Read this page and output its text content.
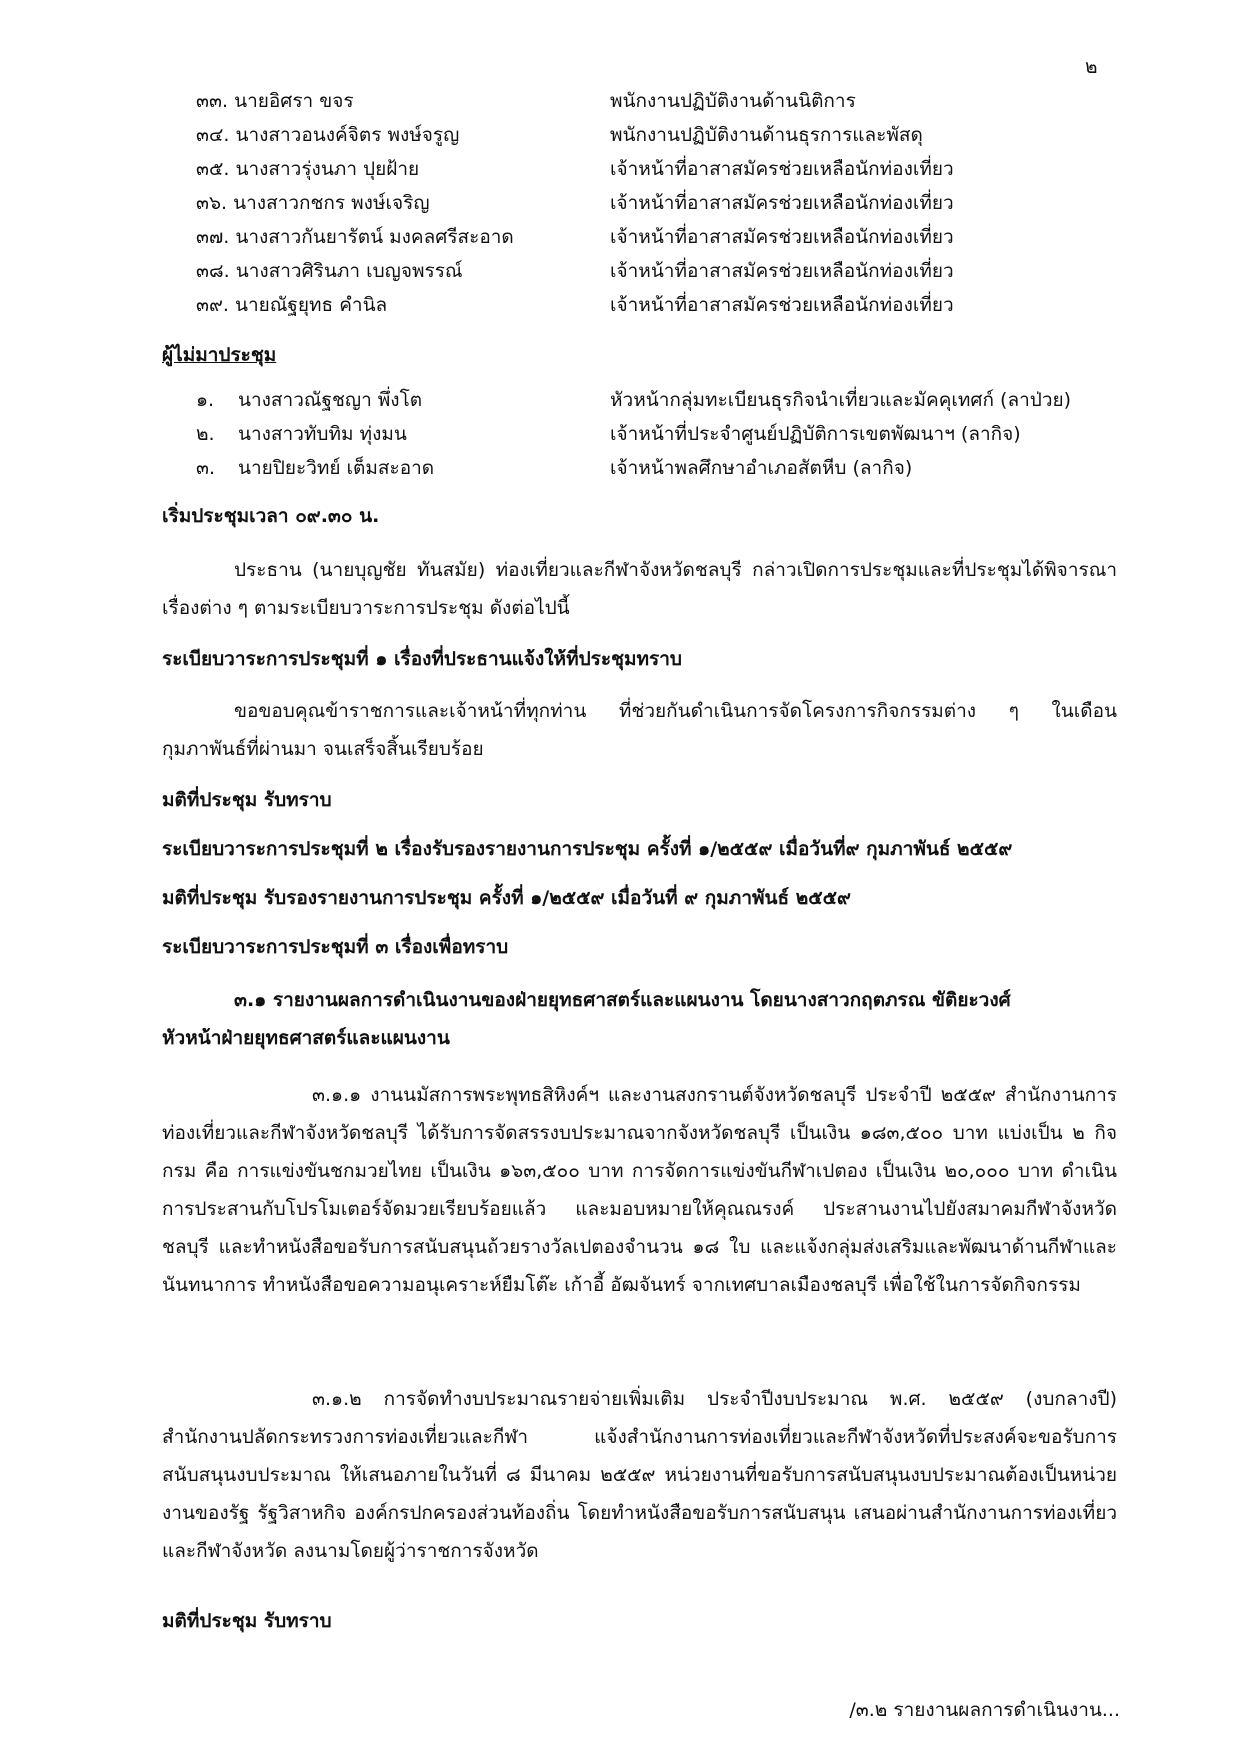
๒
๓๓. นายอิศรา ขจร	พนักงานปฏิบัติงานด้านนิติการ
๓๔. นางสาวอนงค์จิตร พงษ์จรูญ	พนักงานปฏิบัติงานด้านธุรการและพัสดุ
๓๕. นางสาวรุ่งนภา ปุยฝ้าย	เจ้าหน้าที่อาสาสมัครช่วยเหลือนักท่องเที่ยว
๓๖. นางสาวกชกร พงษ์เจริญ	เจ้าหน้าที่อาสาสมัครช่วยเหลือนักท่องเที่ยว
๓๗. นางสาวกันยารัตน์ มงคลศรีสะอาด	เจ้าหน้าที่อาสาสมัครช่วยเหลือนักท่องเที่ยว
๓๘. นางสาวศิรินภา เบญจพรรณ์	เจ้าหน้าที่อาสาสมัครช่วยเหลือนักท่องเที่ยว
๓๙. นายณัฐยุทธ คำนิล	เจ้าหน้าที่อาสาสมัครช่วยเหลือนักท่องเที่ยว
ผู้ไม่มาประชุม
๑. นางสาวณัฐชญา พึ่งโต	หัวหน้ากลุ่มทะเบียนธุรกิจนำเที่ยวและมัคคุเทศก์ (ลาป่วย)
๒. นางสาวทับทิม ทุ่งมน	เจ้าหน้าที่ประจำศูนย์ปฏิบัติการเขตพัฒนาฯ (ลากิจ)
๓. นายปิยะวิทย์ เต็มสะอาด	เจ้าหน้าพลศึกษาอำเภอสัตหีบ (ลากิจ)
เริ่มประชุมเวลา ๐๙.๓๐ น.
ประธาน (นายบุญชัย ทันสมัย) ท่องเที่ยวและกีฬาจังหวัดชลบุรี กล่าวเปิดการประชุมและที่ประชุมได้พิจารณาเรื่องต่าง ๆ ตามระเบียบวาระการประชุม ดังต่อไปนี้
ระเบียบวาระการประชุมที่ ๑ เรื่องที่ประธานแจ้งให้ที่ประชุมทราบ
ขอขอบคุณข้าราชการและเจ้าหน้าที่ทุกท่าน ที่ช่วยกันดำเนินการจัดโครงการกิจกรรมต่าง ๆ ในเดือนกุมภาพันธ์ที่ผ่านมา จนเสร็จสิ้นเรียบร้อย
มติที่ประชุม รับทราบ
ระเบียบวาระการประชุมที่ ๒ เรื่องรับรองรายงานการประชุม ครั้งที่ ๑/๒๕๕๙ เมื่อวันที่๙ กุมภาพันธ์ ๒๕๕๙
มติที่ประชุม รับรองรายงานการประชุม ครั้งที่ ๑/๒๕๕๙ เมื่อวันที่ ๙ กุมภาพันธ์ ๒๕๕๙
ระเบียบวาระการประชุมที่ ๓ เรื่องเพื่อทราบ
๓.๑ รายงานผลการดำเนินงานของฝ่ายยุทธศาสตร์และแผนงาน โดยนางสาวกฤตภรณ ขัติยะวงศ์
หัวหน้าฝ่ายยุทธศาสตร์และแผนงาน
๓.๑.๑ งานนมัสการพระพุทธสิหิงค์ฯ และงานสงกรานต์จังหวัดชลบุรี ประจำปี ๒๕๕๙ สำนักงานการท่องเที่ยวและกีฬาจังหวัดชลบุรี ได้รับการจัดสรรงบประมาณจากจังหวัดชลบุรี เป็นเงิน ๑๘๓,๕๐๐ บาท แบ่งเป็น ๒ กิจกรม คือ การแข่งขันชกมวยไทย เป็นเงิน ๑๖๓,๕๐๐ บาท การจัดการแข่งขันกีฬาเปตอง เป็นเงิน ๒๐,๐๐๐ บาท ดำเนินการประสานกับโปรโมเตอร์จัดมวยเรียบร้อยแล้ว และมอบหมายให้คุณณรงค์ ประสานงานไปยังสมาคมกีฬาจังหวัดชลบุรี และทำหนังสือขอรับการสนับสนุนถ้วยรางวัลเปตองจำนวน ๑๘ ใบ และแจ้งกลุ่มส่งเสริมและพัฒนาด้านกีฬาและนันทนาการ ทำหนังสือขอความอนุเคราะห์ยืมโต๊ะ เก้าอี้ อัฒจันทร์ จากเทศบาลเมืองชลบุรี เพื่อใช้ในการจัดกิจกรรม
๓.๑.๒ การจัดทำงบประมาณรายจ่ายเพิ่มเติม ประจำปีงบประมาณ พ.ศ. ๒๕๕๙ (งบกลางปี) สำนักงานปลัดกระทรวงการท่องเที่ยวและกีฬา แจ้งสำนักงานการท่องเที่ยวและกีฬาจังหวัดที่ประสงค์จะขอรับการสนับสนุนงบประมาณ ให้เสนอภายในวันที่ ๘ มีนาคม ๒๕๕๙ หน่วยงานที่ขอรับการสนับสนุนงบประมาณต้องเป็นหน่วยงานของรัฐ รัฐวิสาหกิจ องค์กรปกครองส่วนท้องถิ่น โดยทำหนังสือขอรับการสนับสนุน เสนอผ่านสำนักงานการท่องเที่ยวและกีฬาจังหวัด ลงนามโดยผู้ว่าราชการจังหวัด
มติที่ประชุม รับทราบ
/๓.๒ รายงานผลการดำเนินงาน...
